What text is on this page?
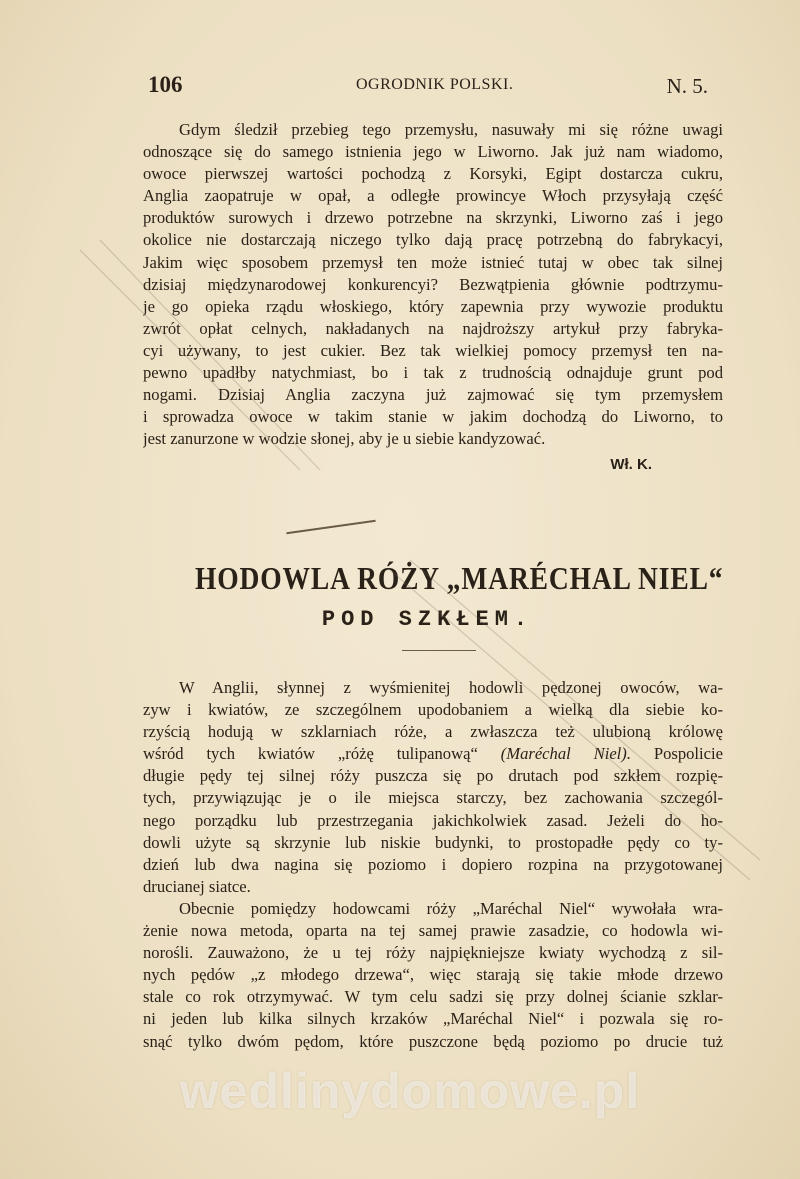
106	OGRODNIK POLSKI.	N. 5.
Gdym śledził przebieg tego przemysłu, nasuwały mi się różne uwagi
odnoszące się do samego istnienia jego w Liworno. Jak już nam wiadomo,
owoce pierwszej wartości pochodzą z Korsyki, Egipt dostarcza cukru,
Anglia zaopatruje w opał, a odległe prowincye Włoch przysyłają część
produktów surowych i drzewo potrzebne na skrzynki, Liworno zaś i jego
okolice nie dostarczają niczego tylko dają pracę potrzebną do fabrykacyi,
Jakim więc sposobem przemysł ten może istnieć tutaj w obec tak silnej
dzisiaj międzynarodowej konkurencyi? Bezwątpienia głównie podtrzymu-
je go opieka rządu włoskiego, który zapewnia przy wywozie produktu
zwrót opłat celnych, nakładanych na najdroższy artykuł przy fabryka-
cyi używany, to jest cukier. Bez tak wielkiej pomocy przemysł ten na-
pewno upadłby natychmiast, bo i tak z trudnością odnajduje grunt pod
nogami. Dzisiaj Anglia zaczyna już zajmować się tym przemysłem
i sprowadza owoce w takim stanie w jakim dochodzą do Liworno, to
jest zanurzone w wodzie słonej, aby je u siebie kandyzować.
Wł. K.
HODOWLA RÓŻY „MARÉCHAL NIEL“
POD SZKŁEM.
W Anglii, słynnej z wyśmienitej hodowli pędzonej owoców, wa-
zyw i kwiatów, ze szczególnem upodobaniem a wielką dla siebie ko-
rzyścią hodują w szklarniach róże, a zwłaszcza też ulubioną królowę
wśród tych kwiatów „różę tulipanową“ (Maréchal Niel). Pospolicie
długie pędy tej silnej róży puszcza się po drutach pod szkłem rozpię-
tych, przywiązując je o ile miejsca starczy, bez zachowania szczegól-
nego porządku lub przestrzegania jakichkolwiek zasad. Jeżeli do ho-
dowli użyte są skrzynie lub niskie budynki, to prostopadłe pędy co ty-
dzień lub dwa nagina się poziomo i dopiero rozpina na przygotowanej
drucianej siatce.
Obecnie pomiędzy hodowcami róży „Maréchal Niel“ wywołała wra-
żenie nowa metoda, oparta na tej samej prawie zasadzie, co hodowla wi-
norośli. Zauważono, że u tej róży najpiękniejsze kwiaty wychodzą z sil-
nych pędów „z młodego drzewa“, więc starają się takie młode drzewo
stale co rok otrzymywać. W tym celu sadzi się przy dolnej ścianie szklar-
ni jeden lub kilka silnych krzaków „Maréchal Niel“ i pozwala się ro-
snąć tylko dwóm pędom, które puszczone będą poziomo po drucie tuż
wedlinydomowe.pl
